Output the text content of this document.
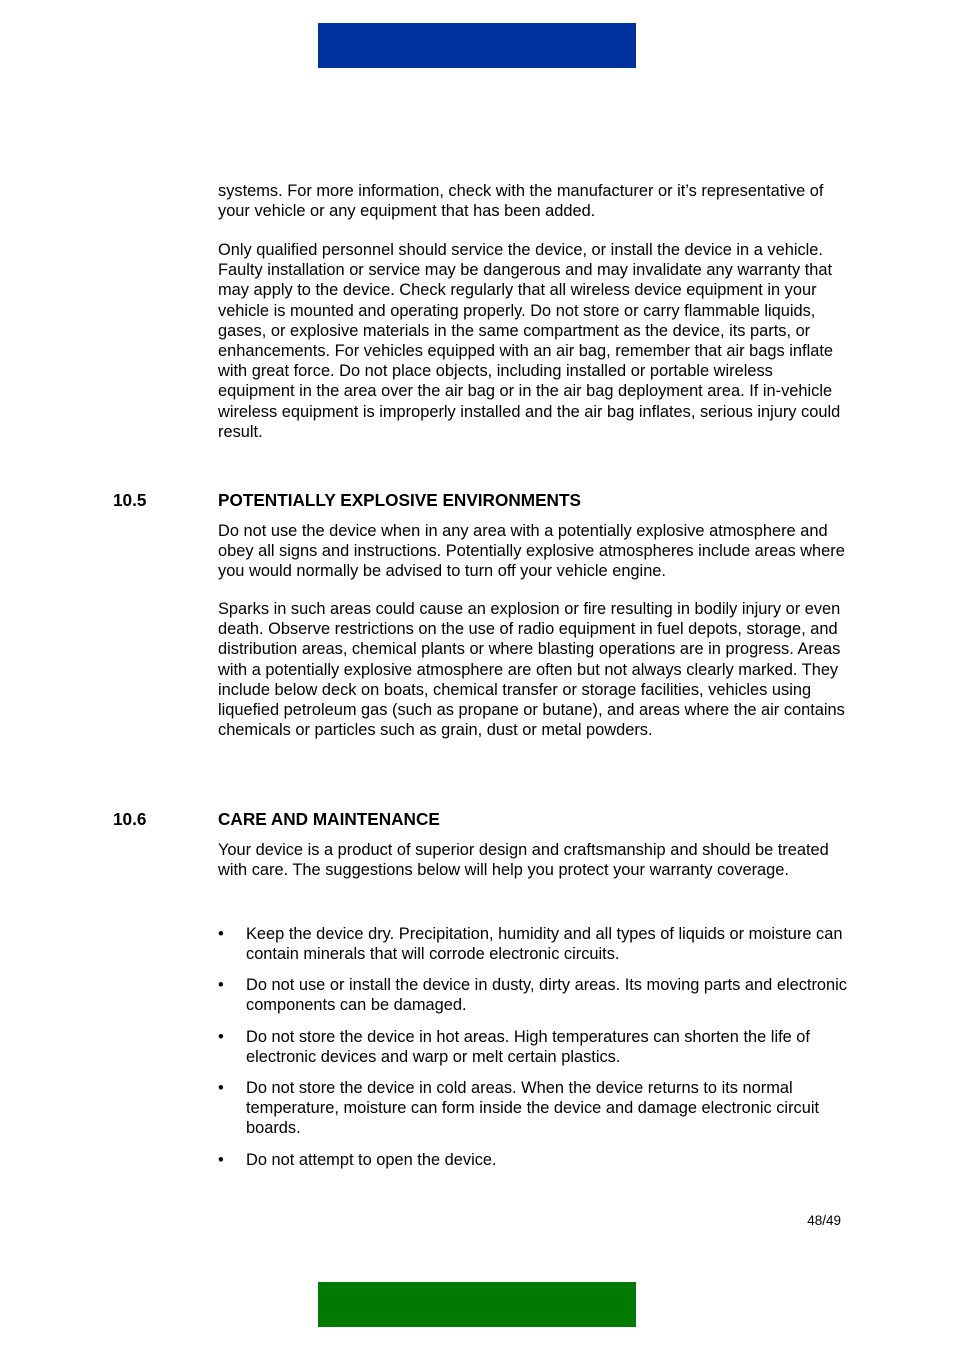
systems. For more information, check with the manufacturer or it’s representative of your vehicle or any equipment that has been added.

Only qualified personnel should service the device, or install the device in a vehicle. Faulty installation or service may be dangerous and may invalidate any warranty that may apply to the device. Check regularly that all wireless device equipment in your vehicle is mounted and operating properly. Do not store or carry flammable liquids, gases, or explosive materials in the same compartment as the device, its parts, or enhancements. For vehicles equipped with an air bag, remember that air bags inflate with great force. Do not place objects, including installed or portable wireless equipment in the area over the air bag or in the air bag deployment area. If in-vehicle wireless equipment is improperly installed and the air bag inflates, serious injury could result.

10.5	POTENTIALLY EXPLOSIVE ENVIRONMENTS

Do not use the device when in any area with a potentially explosive atmosphere and obey all signs and instructions. Potentially explosive atmospheres include areas where you would normally be advised to turn off your vehicle engine.

Sparks in such areas could cause an explosion or fire resulting in bodily injury or even death. Observe restrictions on the use of radio equipment in fuel depots, storage, and distribution areas, chemical plants or where blasting operations are in progress. Areas with a potentially explosive atmosphere are often but not always clearly marked. They include below deck on boats, chemical transfer or storage facilities, vehicles using liquefied petroleum gas (such as propane or butane), and areas where the air contains chemicals or particles such as grain, dust or metal powders.

10.6	CARE AND MAINTENANCE

Your device is a product of superior design and craftsmanship and should be treated with care. The suggestions below will help you protect your warranty coverage.

•	Keep the device dry. Precipitation, humidity and all types of liquids or moisture can contain minerals that will corrode electronic circuits.
•	Do not use or install the device in dusty, dirty areas. Its moving parts and electronic components can be damaged.
•	Do not store the device in hot areas. High temperatures can shorten the life of electronic devices and warp or melt certain plastics.
•	Do not store the device in cold areas. When the device returns to its normal temperature, moisture can form inside the device and damage electronic circuit boards.
•	Do not attempt to open the device.
48/49
